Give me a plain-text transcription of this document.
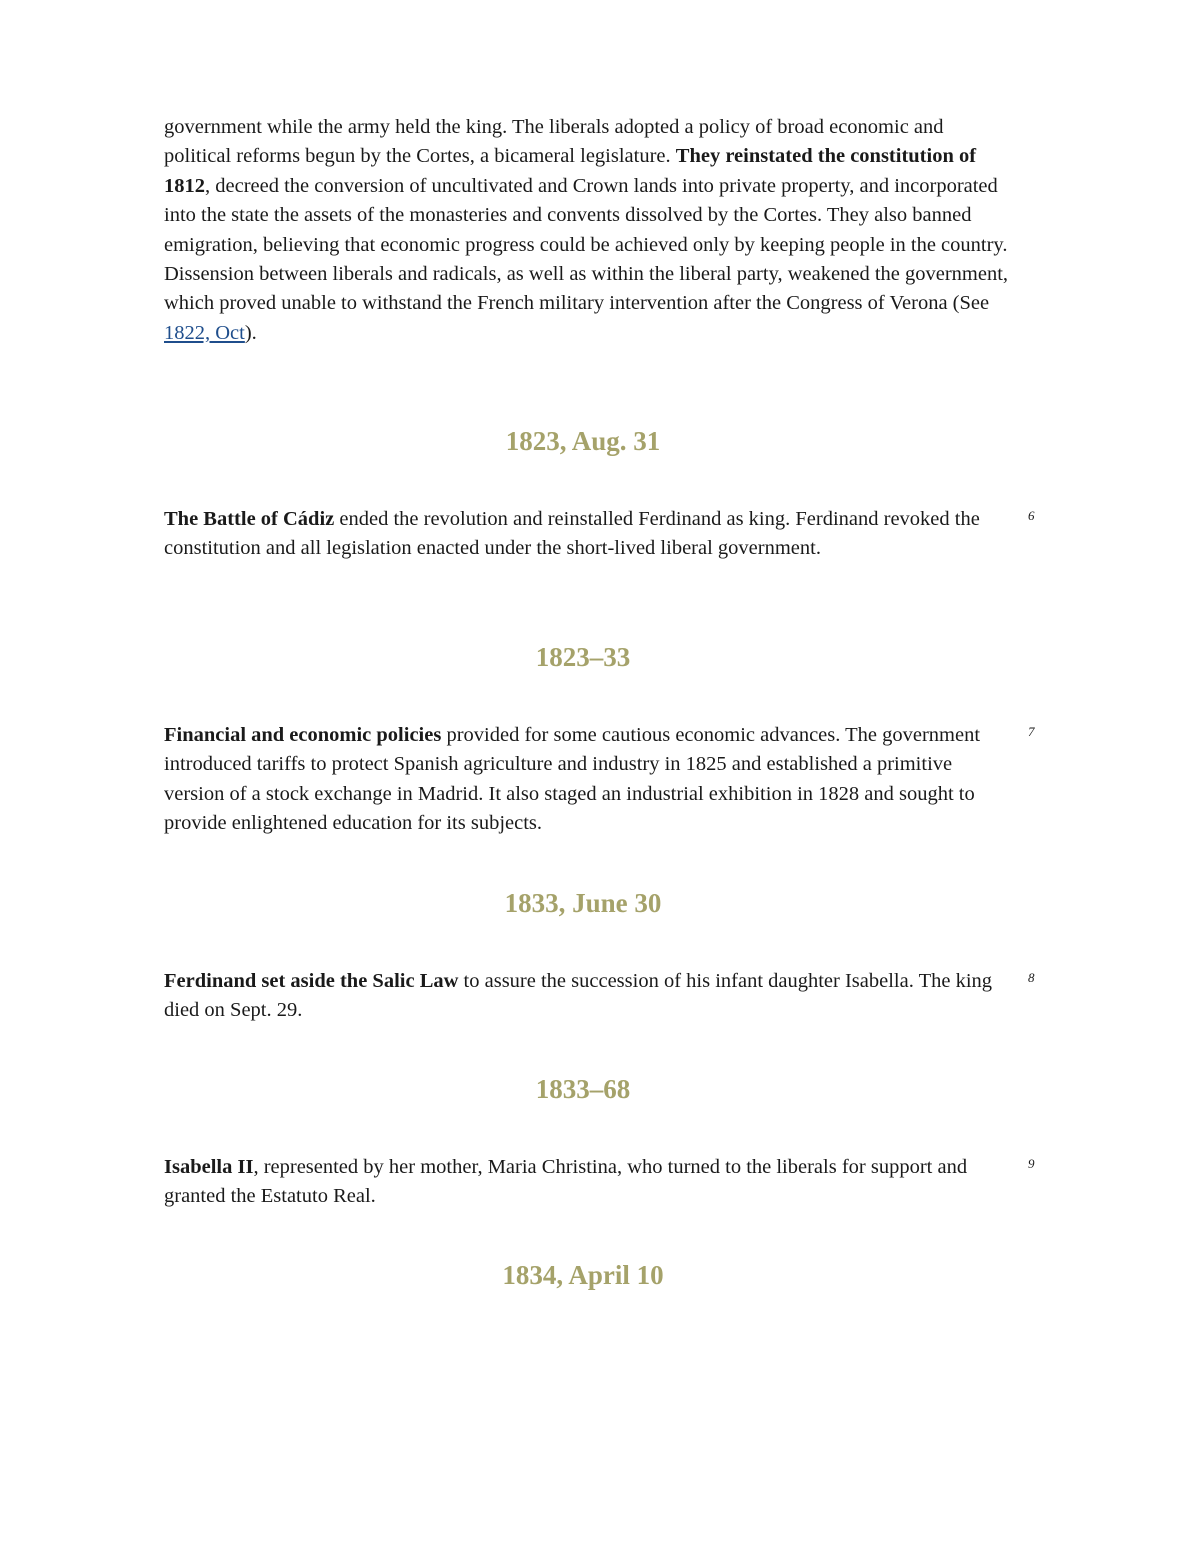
government while the army held the king. The liberals adopted a policy of broad economic and political reforms begun by the Cortes, a bicameral legislature. They reinstated the constitution of 1812, decreed the conversion of uncultivated and Crown lands into private property, and incorporated into the state the assets of the monasteries and convents dissolved by the Cortes. They also banned emigration, believing that economic progress could be achieved only by keeping people in the country. Dissension between liberals and radicals, as well as within the liberal party, weakened the government, which proved unable to withstand the French military intervention after the Congress of Verona (See 1822, Oct).

1823, Aug. 31

The Battle of Cádiz ended the revolution and reinstalled Ferdinand as king. Ferdinand revoked the constitution and all legislation enacted under the short-lived liberal government.

6
1823–33

Financial and economic policies provided for some cautious economic advances. The government introduced tariffs to protect Spanish agriculture and industry in 1825 and established a primitive version of a stock exchange in Madrid. It also staged an industrial exhibition in 1828 and sought to provide enlightened education for its subjects.

7
1833, June 30

Ferdinand set aside the Salic Law to assure the succession of his infant daughter Isabella. The king died on Sept. 29.

8
1833–68

Isabella II, represented by her mother, Maria Christina, who turned to the liberals for support and granted the Estatuto Real.

9
1834, April 10
